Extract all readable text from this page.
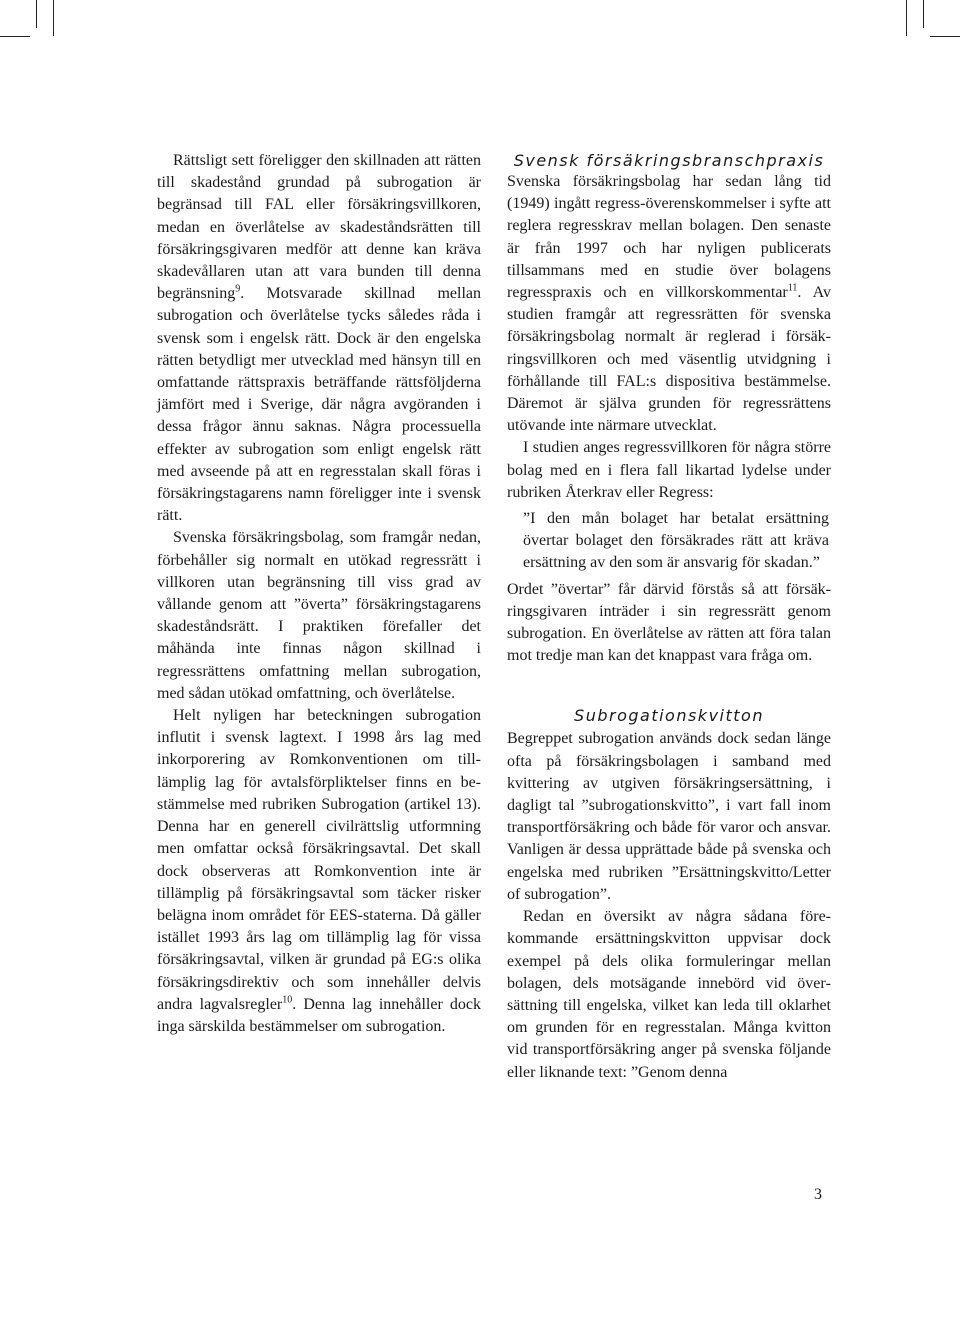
Rättsligt sett föreligger den skillnaden att rätten till skadestånd grundad på subrogation är begränsad till FAL eller försäkringsvillkoren, medan en överlåtelse av skadeståndsrätten till försäkringsgivaren medför att denne kan kräva skadevållaren utan att vara bunden till denna begränsning$^9$. Motsvarade skillnad mellan subrogation och överlåtelse tycks således råda i svensk som i engelsk rätt. Dock är den engelska rätten betydligt mer utvecklad med hänsyn till en omfattande rättspraxis beträffande rättsföljderna jämfört med i Sverige, där några avgöranden i dessa frågor ännu saknas. Några processuella effekter av subrogation som enligt engelsk rätt med avseende på att en regresstalan skall föras i försäkringstagarens namn föreligger inte i svensk rätt.

Svenska försäkringsbolag, som framgår nedan, förbehåller sig normalt en utökad regressrätt i villkoren utan begränsning till viss grad av vållande genom att ”överta” försäkringstagarens skadeståndsrätt. I praktiken förefaller det måhända inte finnas någon skillnad i regressrättens omfattning mellan subrogation, med sådan utökad omfattning, och överlåtelse.

Helt nyligen har beteckningen subrogation influtit i svensk lagtext. I 1998 års lag med inkorporering av Romkonventionen om tilllämplig lag för avtalsförpliktelser finns en bestämmelse med rubriken Subrogation (artikel 13). Denna har en generell civilrättslig utformning men omfattar också försäkringsavtal. Det skall dock observeras att Romkonvention inte är tillämplig på försäkringsavtal som täcker risker belägna inom området för EES-staterna. Då gäller istället 1993 års lag om tillämplig lag för vissa försäkringsavtal, vilken är grundad på EG:s olika försäkringsdirektiv och som innehåller delvis andra lagvalsregler$^{10}$. Denna lag innehåller dock inga särskilda bestämmelser om subrogation.

Svensk försäkringsbranschpraxis

Svenska försäkringsbolag har sedan lång tid (1949) ingått regress-överenskommelser i syfte att reglera regresskrav mellan bolagen. Den senaste är från 1997 och har nyligen publicerats tillsammans med en studie över bolagens regresspraxis och en villkorskommentar$^{11}$. Av studien framgår att regressrätten för svenska försäkringsbolag normalt är reglerad i försäkringsvillkoren och med väsentlig utvidgning i förhållande till FAL:s dispositiva bestämmelse. Däremot är själva grunden för regressrättens utövande inte närmare utvecklat.

I studien anges regressvillkoren för några större bolag med en i flera fall likartad lydelse under rubriken Återkrav eller Regress:

”I den mån bolaget har betalat ersättning övertar bolaget den försäkrades rätt att kräva ersättning av den som är ansvarig för skadan.”

Ordet ”övertar” får därvid förstås så att försäkringsgivaren inträder i sin regressrätt genom subrogation. En överlåtelse av rätten att föra talan mot tredje man kan det knappast vara fråga om.

Subrogationskvitton

Begreppet subrogation används dock sedan länge ofta på försäkringsbolagen i samband med kvittering av utgiven försäkringsersättning, i dagligt tal ”subrogationskvitto”, i vart fall inom transportförsäkring och både för varor och ansvar. Vanligen är dessa upprättade både på svenska och engelska med rubriken ”Ersättningskvitto/Letter of subrogation”.

Redan en översikt av några sådana förekommande ersättningskvitton uppvisar dock exempel på dels olika formuleringar mellan bolagen, dels motsägande innebörd vid översättning till engelska, vilket kan leda till oklarhet om grunden för en regresstalan. Många kvitton vid transportförsäkring anger på svenska följande eller liknande text: ”Genom denna

3
